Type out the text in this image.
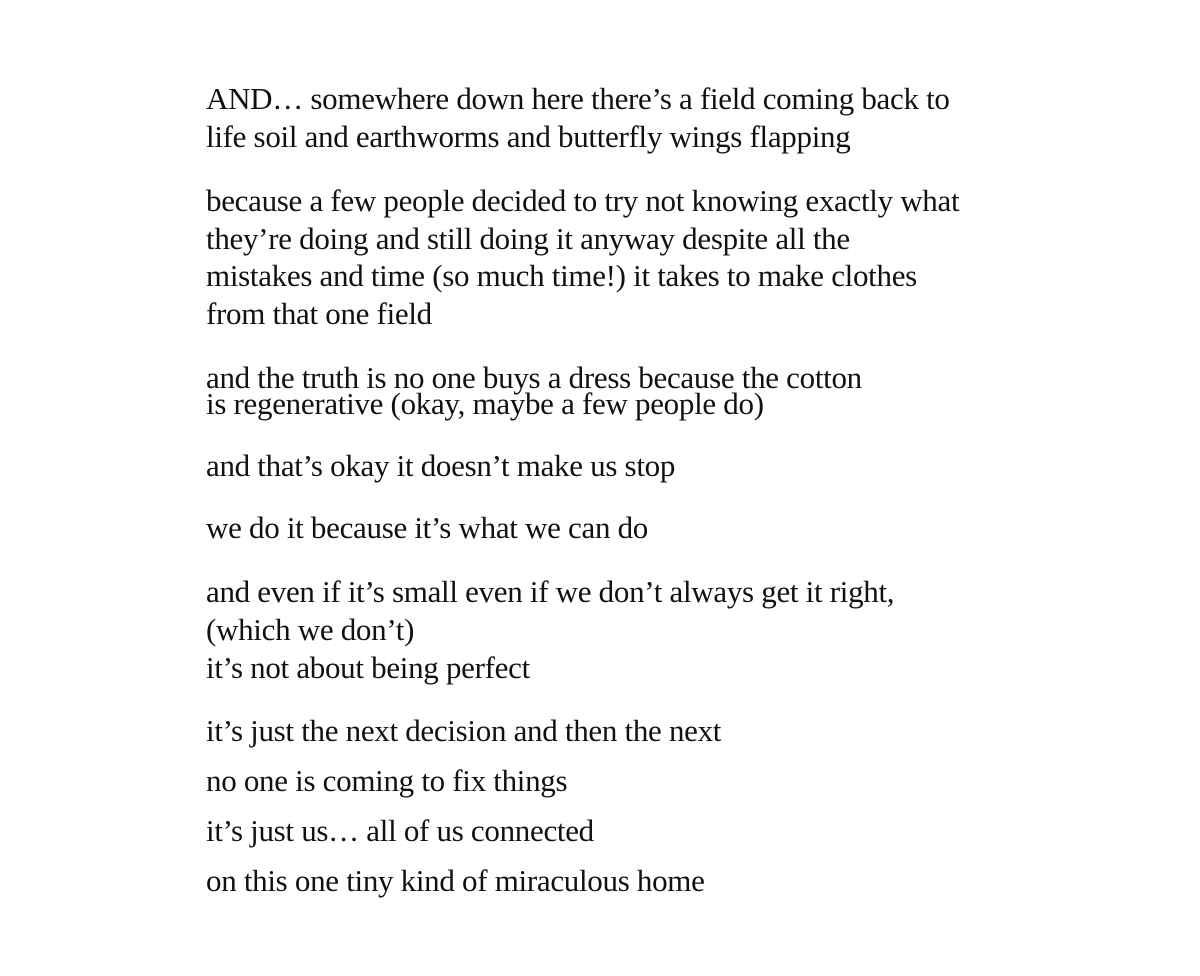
AND… somewhere down here there’s a field coming back to

life soil and earthworms and butterfly wings flapping

because a few people decided to try not knowing exactly what

they’re doing and still doing it anyway despite all the

mistakes and time (so much time!) it takes to make clothes

from that one field

and the truth is no one buys a dress because the cotton

is regenerative (okay, maybe a few people do)

and that’s okay it doesn’t make us stop

we do it because it’s what we can do

and even if it’s small even if we don’t always get it right,

(which we don’t)

it’s not about being perfect

it’s just the next decision and then the next

no one is coming to fix things

it’s just us… all of us connected

on this one tiny kind of miraculous home
